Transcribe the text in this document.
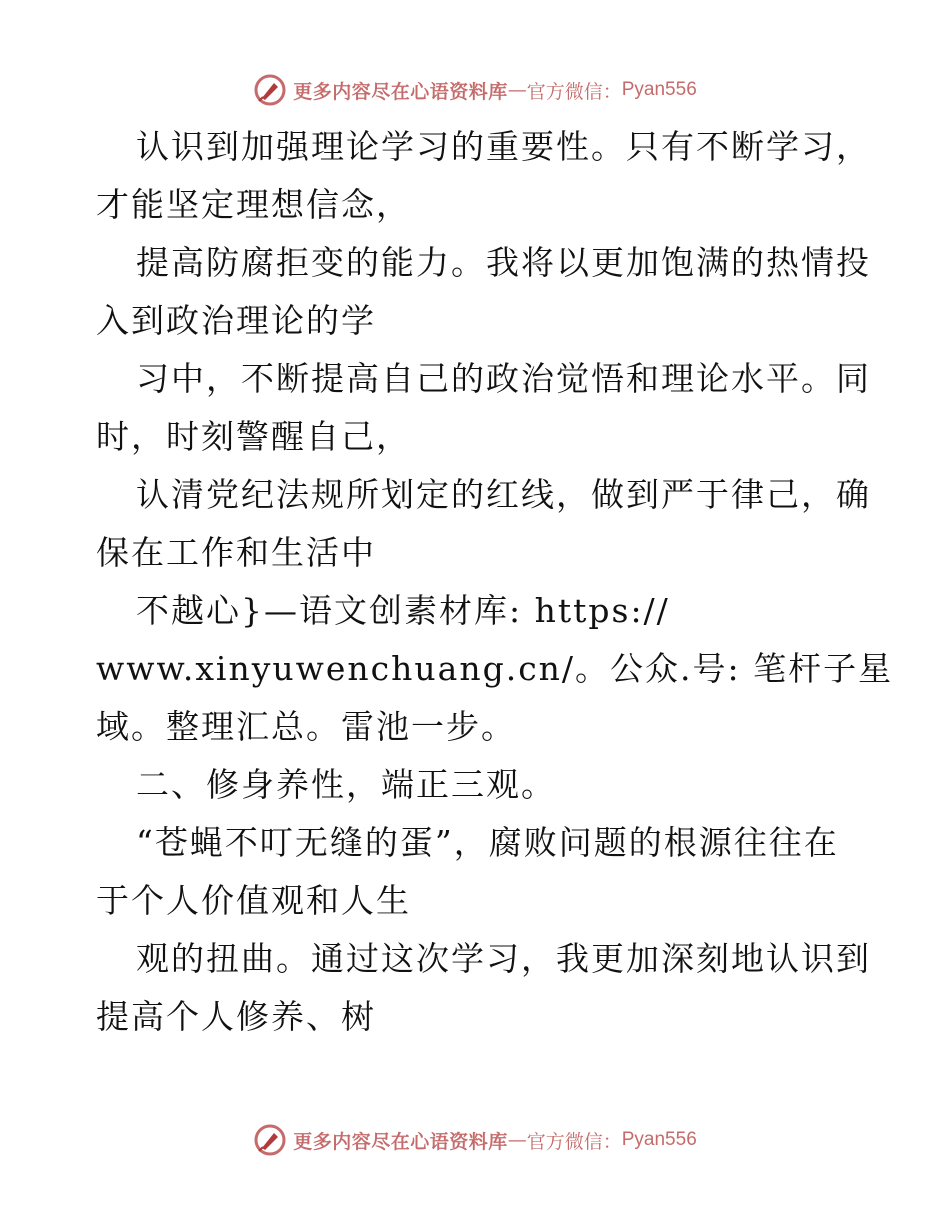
更多内容尽在心语资料库 — 官方微信： Pyan556
认识到加强理论学习的重要性。只有不断学习，
才能坚定理想信念，
提高防腐拒变的能力。我将以更加饱满的热情投
入到政治理论的学
习中，不断提高自己的政治觉悟和理论水平。同
时，时刻警醒自己，
认清党纪法规所划定的红线，做到严于律己，确
保在工作和生活中
不越心}—语文创素材库: https://
www.xinyuwenchuang.cn/。公众.号: 笔杆子星
域。整理汇总。雷池一步。
二、修身养性，端正三观。
“苍蝇不叮无缝的蛋”，腐败问题的根源往往在
于个人价值观和人生
观的扭曲。通过这次学习，我更加深刻地认识到
提高个人修养、树
更多内容尽在心语资料库 — 官方微信： Pyan556
